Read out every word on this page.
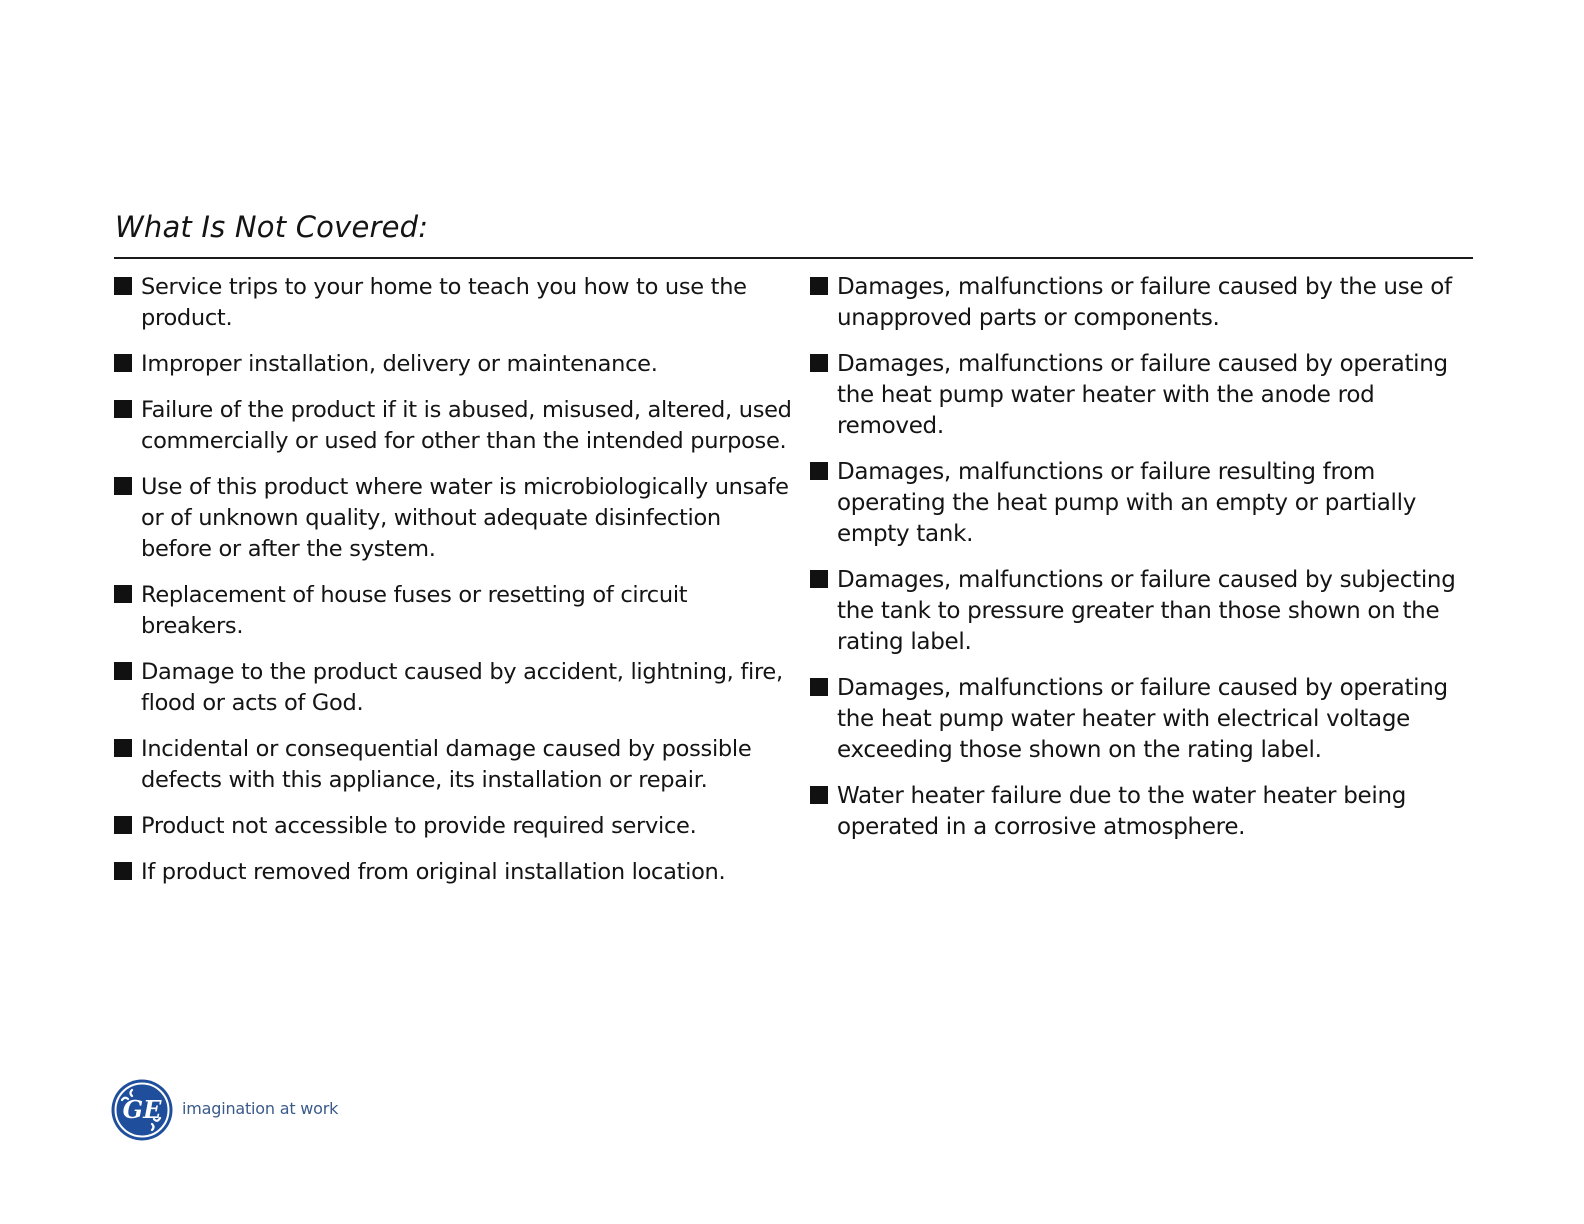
What Is Not Covered:
Service trips to your home to teach you how to use the product.
Improper installation, delivery or maintenance.
Failure of the product if it is abused, misused, altered, used commercially or used for other than the intended purpose.
Use of this product where water is microbiologically unsafe or of unknown quality, without adequate disinfection before or after the system.
Replacement of house fuses or resetting of circuit breakers.
Damage to the product caused by accident, lightning, fire, flood or acts of God.
Incidental or consequential damage caused by possible defects with this appliance, its installation or repair.
Product not accessible to provide required service.
If product removed from original installation location.
Damages, malfunctions or failure caused by the use of unapproved parts or components.
Damages, malfunctions or failure caused by operating the heat pump water heater with the anode rod removed.
Damages, malfunctions or failure resulting from operating the heat pump with an empty or partially empty tank.
Damages, malfunctions or failure caused by subjecting the tank to pressure greater than those shown on the rating label.
Damages, malfunctions or failure caused by operating the heat pump water heater with electrical voltage exceeding those shown on the rating label.
Water heater failure due to the water heater being operated in a corrosive atmosphere.
GE imagination at work
